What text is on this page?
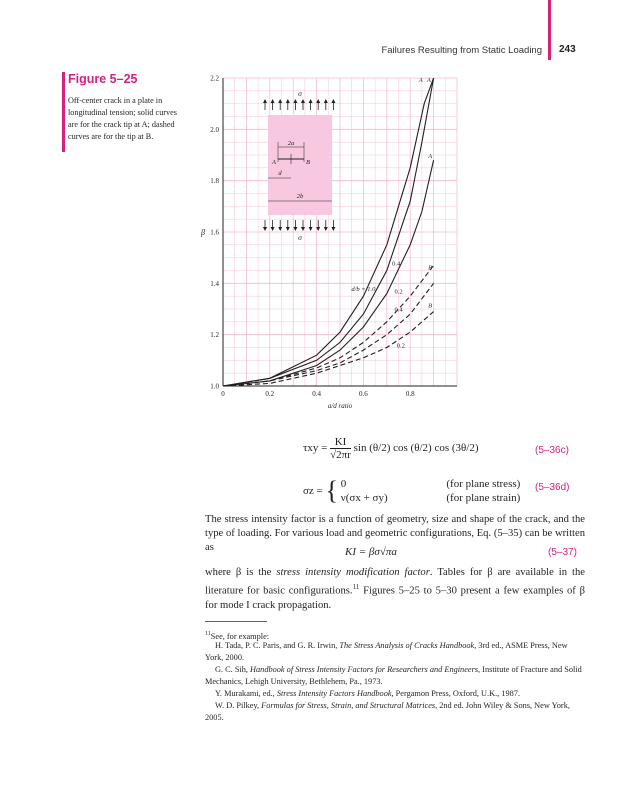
Failures Resulting from Static Loading 243
Figure 5–25
Off-center crack in a plate in longitudinal tension; solid curves are for the crack tip at A; dashed curves are for the tip at B.
σ
σ
2a
A	B
d
2b
0	0.2	0.4	0.6	0.8
1.0
1.2
1.4
1.6
1.8
2.0
2.2
a/d ratio
β
A A
A
B
B
d/b = 1.0
0.4
0.2
0.4
0.2
$\tau xy = \frac{KI}{√2\pi r}$ sin (θ/2) cos (θ/2) cos (3θ/2)	(5–36c)
σz = { 0
ν(σx + σy)

(for plane stress)
(for plane strain)
(5–36d)
The stress intensity factor is a function of geometry, size and shape of the crack, and the type of loading. For various load and geometric configurations, Eq. (5–35) can be written as	KI = βσ√πa	(5–37)
where β is the stress intensity modification factor. Tables for β are available in the literature for basic configurations.$^{11}$ Figures 5–25 to 5–30 present a few examples of β for mode I crack propagation.
$^{11}$See, for example:
H. Tada, P. C. Paris, and G. R. Irwin, The Stress Analysis of Cracks Handbook, 3rd ed., ASME Press, New York, 2000.
G. C. Sih, Handbook of Stress Intensity Factors for Researchers and Engineers, Institute of Fracture and Solid Mechanics, Lehigh University, Bethlehem, Pa., 1973.
Y. Murakami, ed., Stress Intensity Factors Handbook, Pergamon Press, Oxford, U.K., 1987.
W. D. Pilkey, Formulas for Stress, Strain, and Structural Matrices, 2nd ed. John Wiley & Sons, New York, 2005.
